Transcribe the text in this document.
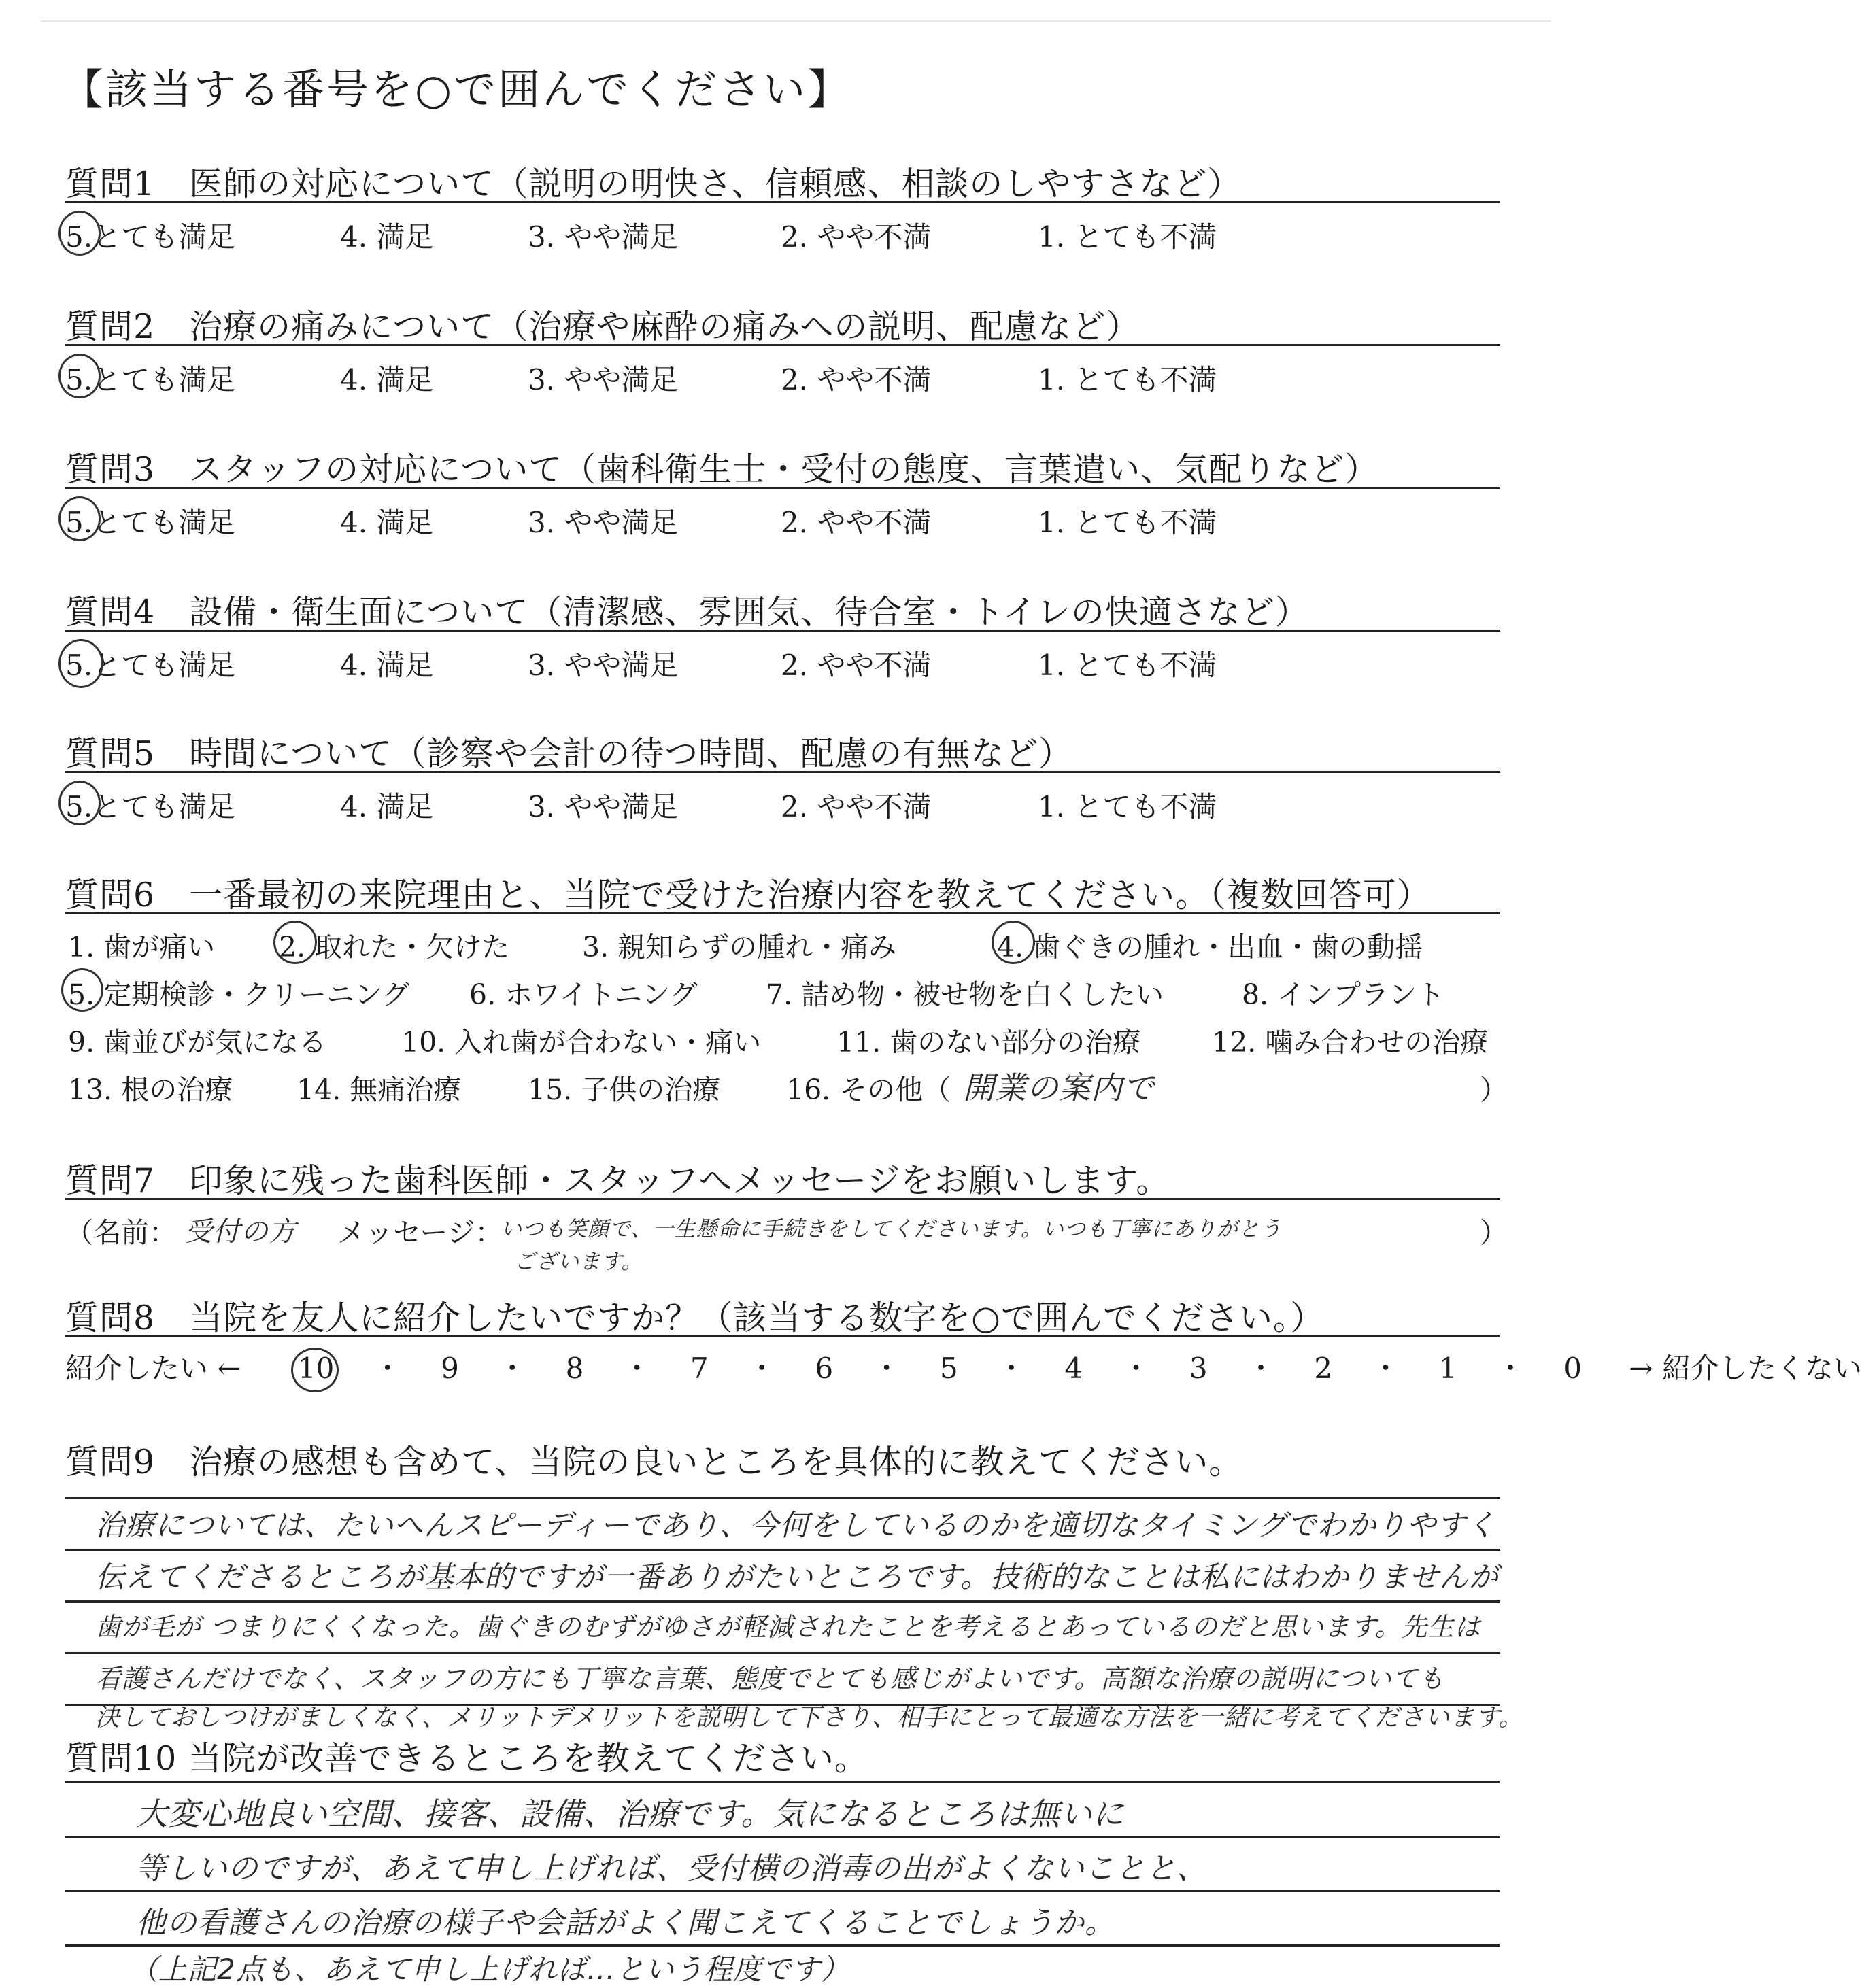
【該当する番号を○で囲んでください】
質問1　医師の対応について（説明の明快さ、信頼感、相談のしやすさなど）
5.とても満足	4. 満足	3. やや満足	2. やや不満	1. とても不満
質問2　治療の痛みについて（治療や麻酔の痛みへの説明、配慮など）
5.とても満足	4. 満足	3. やや満足	2. やや不満	1. とても不満
質問3　スタッフの対応について（歯科衛生士・受付の態度、言葉遣い、気配りなど）
5.とても満足	4. 満足	3. やや満足	2. やや不満	1. とても不満
質問4　設備・衛生面について（清潔感、雰囲気、待合室・トイレの快適さなど）
5.とても満足	4. 満足	3. やや満足	2. やや不満	1. とても不満
質問5　時間について（診察や会計の待つ時間、配慮の有無など）
5.とても満足	4. 満足	3. やや満足	2. やや不満	1. とても不満
質問6　一番最初の来院理由と、当院で受けた治療内容を教えてください。（複数回答可）
1. 歯が痛い 2. 取れた・欠けた	3. 親知らずの腫れ・痛み	4. 歯ぐきの腫れ・出血・歯の動揺
5. 定期検診・クリーニング 6. ホワイトニング 7. 詰め物・被せ物を白くしたい	8. インプラント
9. 歯並びが気になる	10. 入れ歯が合わない・痛い	11. 歯のない部分の治療	12. 噛み合わせの治療
13. 根の治療 14. 無痛治療 15. 子供の治療 16. その他（ 開業の案内で	）
質問7　印象に残った歯科医師・スタッフへメッセージをお願いします。
（名前： 受付の方 メッセージ：
いつも笑顔で、一生懸命に手続きをしてくださいます。いつも丁寧にありがとう
ございます。
）
質問8　当院を友人に紹介したいですか？（該当する数字を○で囲んでください。）
紹介したい ← 10 ・ 9 ・ 8 ・ 7 ・ 6 ・ 5 ・ 4 ・ 3 ・ 2 ・ 1 ・ 0 → 紹介したくない
質問9　治療の感想も含めて、当院の良いところを具体的に教えてください。
治療については、たいへんスピーディーであり、今何をしているのかを適切なタイミングでわかりやすく
伝えてくださるところが基本的ですが一番ありがたいところです。技術的なことは私にはわかりませんが
歯が毛が つまりにくくなった。歯ぐきのむずがゆさが軽減されたことを考えるとあっているのだと思います。先生は
看護さんだけでなく、スタッフの方にも丁寧な言葉、態度でとても感じがよいです。高額な治療の説明についても
決しておしつけがましくなく、メリットデメリットを説明して下さり、相手にとって最適な方法を一緒に考えてくださいます。
質問10 当院が改善できるところを教えてください。
大変心地良い空間、接客、設備、治療です。気になるところは無いに
等しいのですが、あえて申し上げれば、受付横の消毒の出がよくないことと、
他の看護さんの治療の様子や会話がよく聞こえてくることでしょうか。
（上記2点も、あえて申し上げれば…という程度です）
